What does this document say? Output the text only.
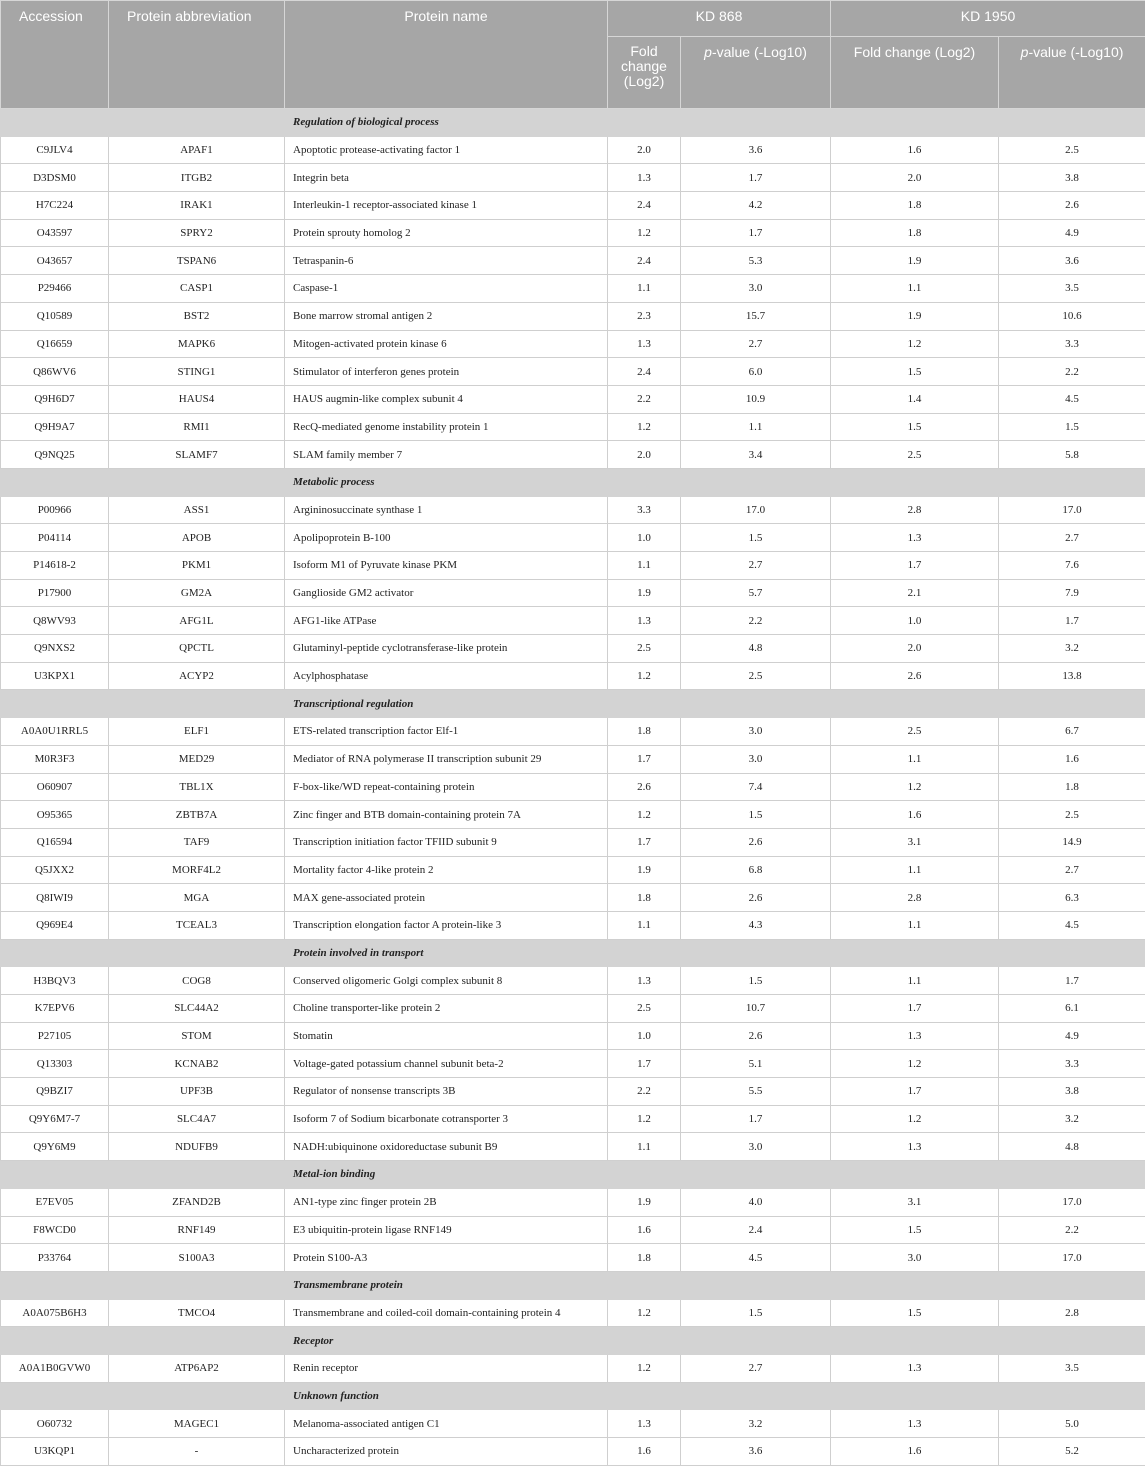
Accession	Protein abbreviation	Protein name	KD 868		KD 1950	
			Fold change (Log2)	p-value (-Log10)	Fold change (Log2)	p-value (-Log10)
		Regulation of biological process				
C9JLV4	APAF1	Apoptotic protease-activating factor 1	2.0	3.6	1.6	2.5
D3DSM0	ITGB2	Integrin beta	1.3	1.7	2.0	3.8
H7C224	IRAK1	Interleukin-1 receptor-associated kinase 1	2.4	4.2	1.8	2.6
O43597	SPRY2	Protein sprouty homolog 2	1.2	1.7	1.8	4.9
O43657	TSPAN6	Tetraspanin-6	2.4	5.3	1.9	3.6
P29466	CASP1	Caspase-1	1.1	3.0	1.1	3.5
Q10589	BST2	Bone marrow stromal antigen 2	2.3	15.7	1.9	10.6
Q16659	MAPK6	Mitogen-activated protein kinase 6	1.3	2.7	1.2	3.3
Q86WV6	STING1	Stimulator of interferon genes protein	2.4	6.0	1.5	2.2
Q9H6D7	HAUS4	HAUS augmin-like complex subunit 4	2.2	10.9	1.4	4.5
Q9H9A7	RMI1	RecQ-mediated genome instability protein 1	1.2	1.1	1.5	1.5
Q9NQ25	SLAMF7	SLAM family member 7	2.0	3.4	2.5	5.8
		Metabolic process				
P00966	ASS1	Argininosuccinate synthase 1	3.3	17.0	2.8	17.0
P04114	APOB	Apolipoprotein B-100	1.0	1.5	1.3	2.7
P14618-2	PKM1	Isoform M1 of Pyruvate kinase PKM	1.1	2.7	1.7	7.6
P17900	GM2A	Ganglioside GM2 activator	1.9	5.7	2.1	7.9
Q8WV93	AFG1L	AFG1-like ATPase	1.3	2.2	1.0	1.7
Q9NXS2	QPCTL	Glutaminyl-peptide cyclotransferase-like protein	2.5	4.8	2.0	3.2
U3KPX1	ACYP2	Acylphosphatase	1.2	2.5	2.6	13.8
		Transcriptional regulation				
A0A0U1RRL5	ELF1	ETS-related transcription factor Elf-1	1.8	3.0	2.5	6.7
M0R3F3	MED29	Mediator of RNA polymerase II transcription subunit 29	1.7	3.0	1.1	1.6
O60907	TBL1X	F-box-like/WD repeat-containing protein	2.6	7.4	1.2	1.8
O95365	ZBTB7A	Zinc finger and BTB domain-containing protein 7A	1.2	1.5	1.6	2.5
Q16594	TAF9	Transcription initiation factor TFIID subunit 9	1.7	2.6	3.1	14.9
Q5JXX2	MORF4L2	Mortality factor 4-like protein 2	1.9	6.8	1.1	2.7
Q8IWI9	MGA	MAX gene-associated protein	1.8	2.6	2.8	6.3
Q969E4	TCEAL3	Transcription elongation factor A protein-like 3	1.1	4.3	1.1	4.5
		Protein involved in transport				
H3BQV3	COG8	Conserved oligomeric Golgi complex subunit 8	1.3	1.5	1.1	1.7
K7EPV6	SLC44A2	Choline transporter-like protein 2	2.5	10.7	1.7	6.1
P27105	STOM	Stomatin	1.0	2.6	1.3	4.9
Q13303	KCNAB2	Voltage-gated potassium channel subunit beta-2	1.7	5.1	1.2	3.3
Q9BZI7	UPF3B	Regulator of nonsense transcripts 3B	2.2	5.5	1.7	3.8
Q9Y6M7-7	SLC4A7	Isoform 7 of Sodium bicarbonate cotransporter 3	1.2	1.7	1.2	3.2
Q9Y6M9	NDUFB9	NADH:ubiquinone oxidoreductase subunit B9	1.1	3.0	1.3	4.8
		Metal-ion binding				
E7EV05	ZFAND2B	AN1-type zinc finger protein 2B	1.9	4.0	3.1	17.0
F8WCD0	RNF149	E3 ubiquitin-protein ligase RNF149	1.6	2.4	1.5	2.2
P33764	S100A3	Protein S100-A3	1.8	4.5	3.0	17.0
		Transmembrane protein				
A0A075B6H3	TMCO4	Transmembrane and coiled-coil domain-containing protein 4	1.2	1.5	1.5	2.8
		Receptor				
A0A1B0GVW0	ATP6AP2	Renin receptor	1.2	2.7	1.3	3.5
		Unknown function				
O60732	MAGEC1	Melanoma-associated antigen C1	1.3	3.2	1.3	5.0
U3KQP1	-	Uncharacterized protein	1.6	3.6	1.6	5.2
